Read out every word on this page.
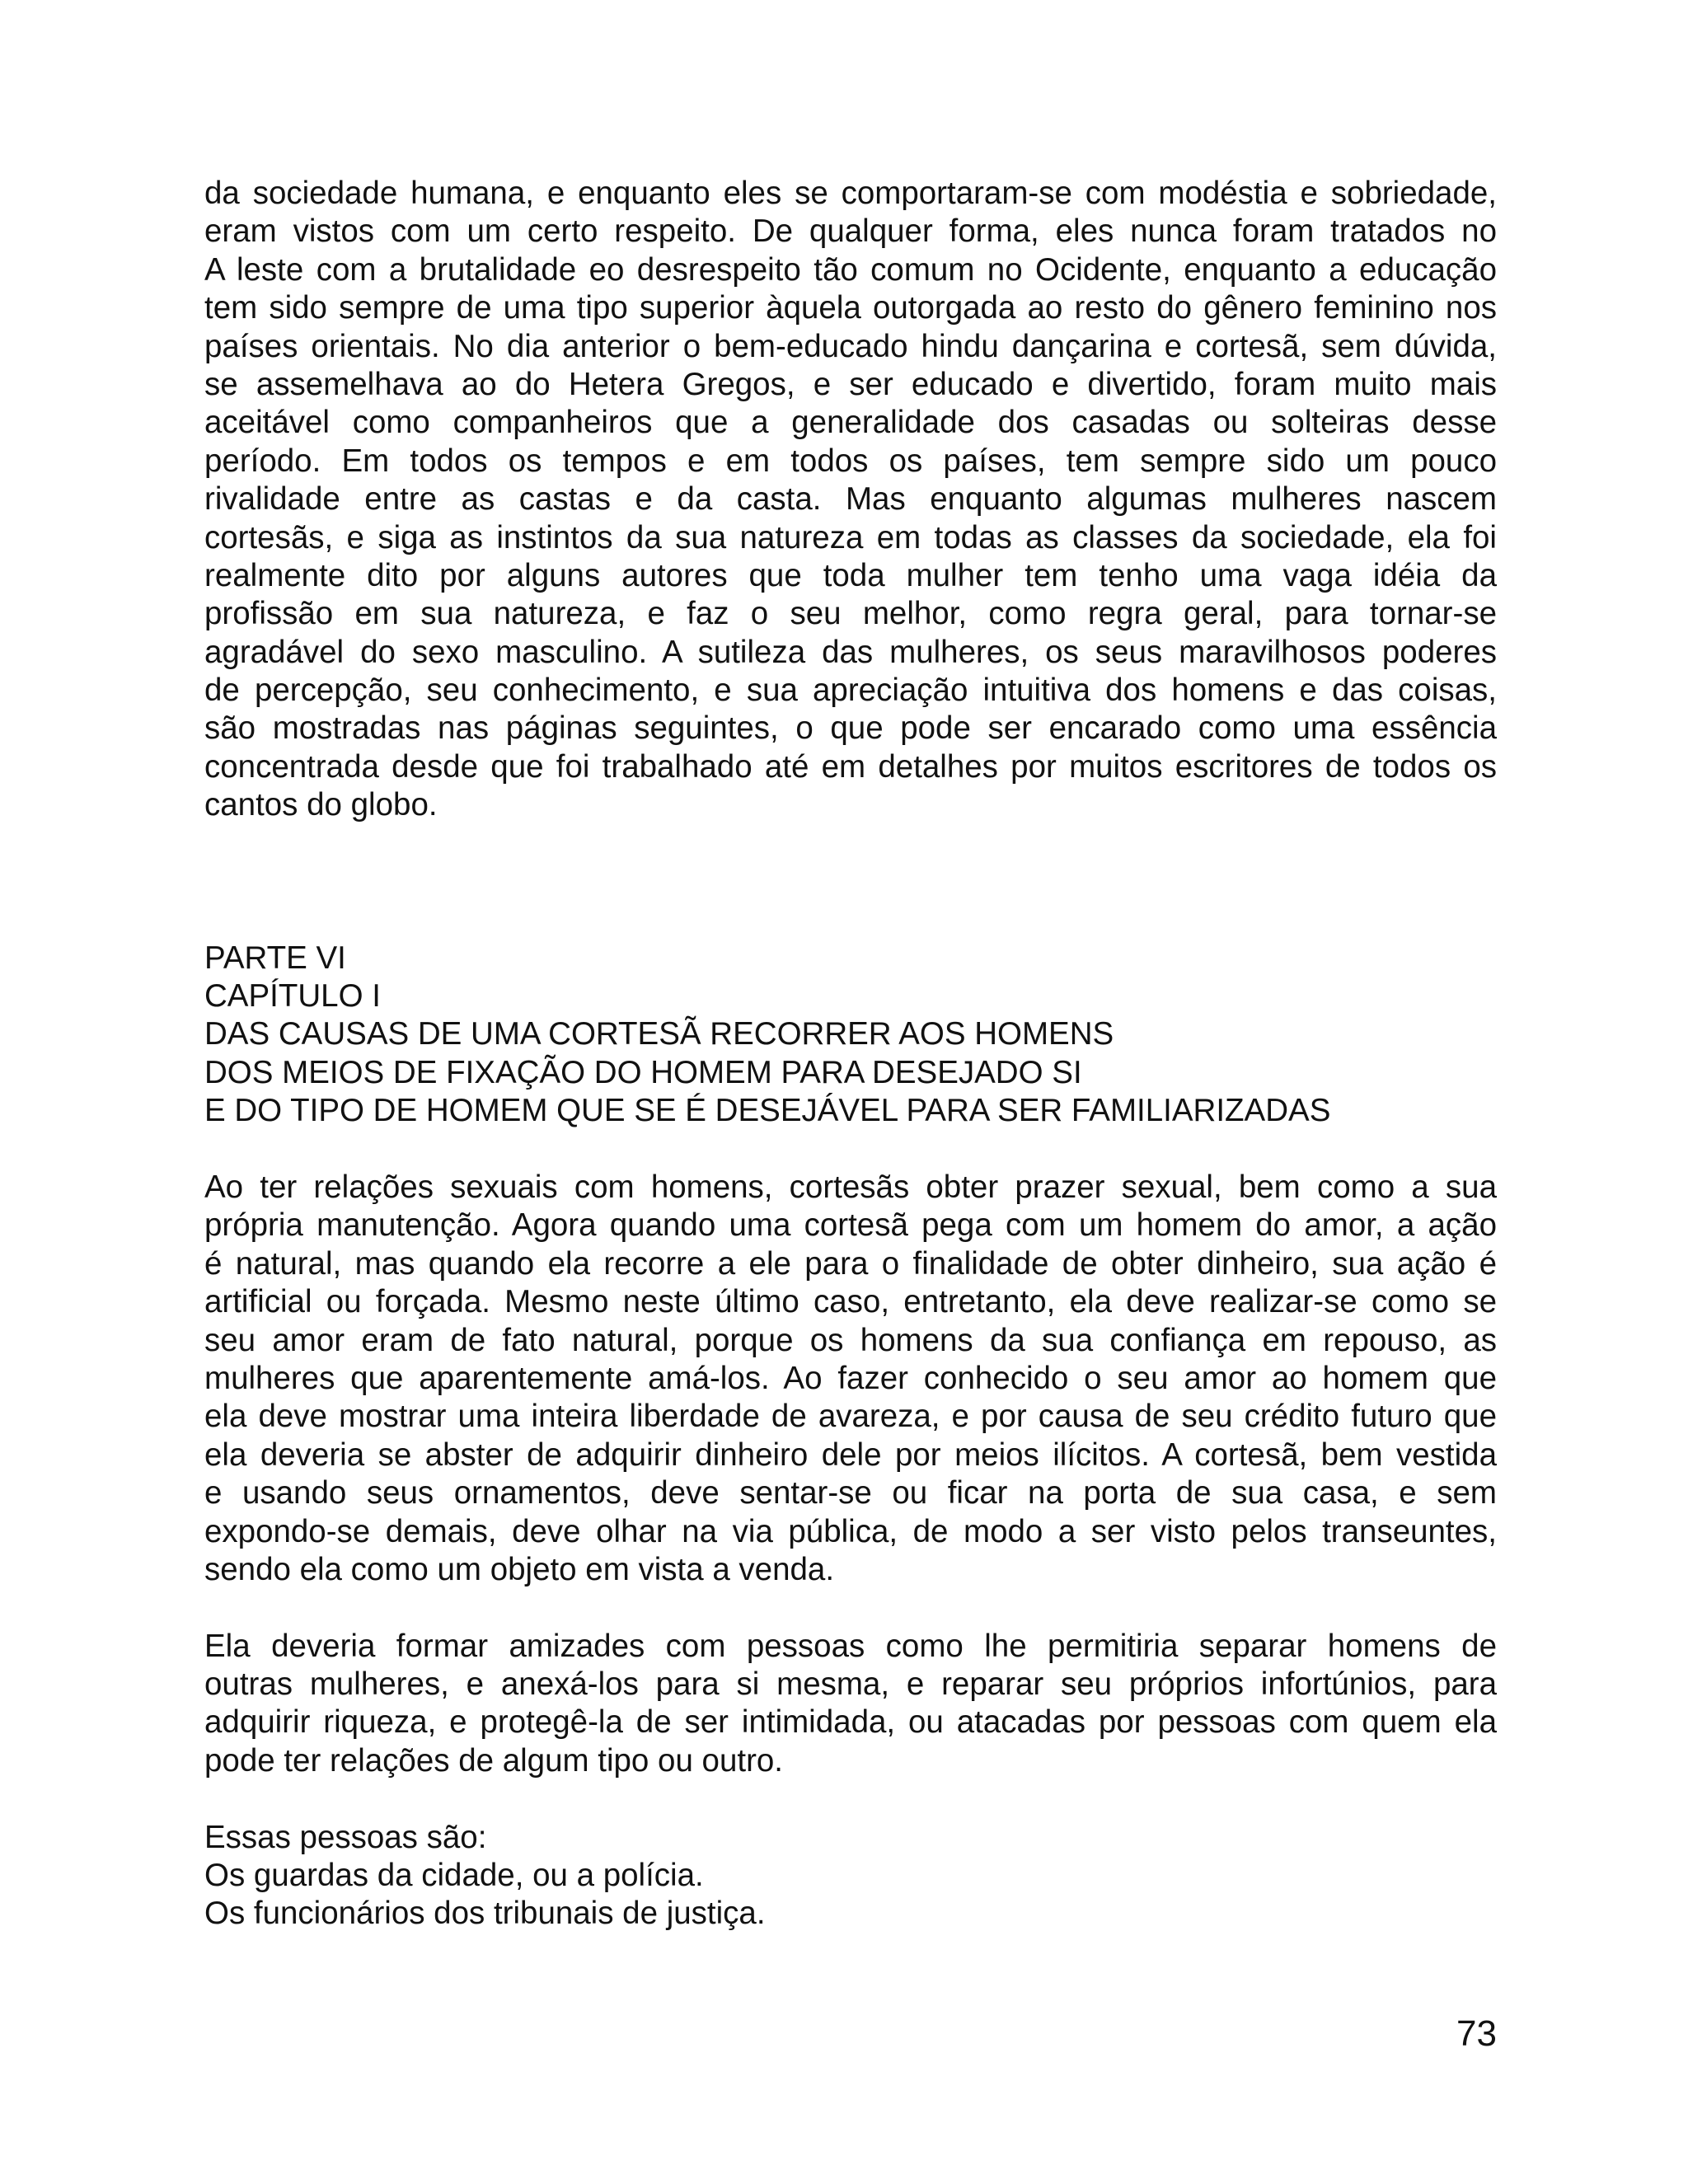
da sociedade humana, e enquanto eles se comportaram-se com modéstia e sobriedade,
eram vistos com um certo respeito. De qualquer forma, eles nunca foram tratados no
A leste com a brutalidade eo desrespeito tão comum no Ocidente, enquanto a educação
tem sido sempre de uma tipo superior àquela outorgada ao resto do gênero feminino nos
países orientais. No dia anterior o bem-educado hindu dançarina e cortesã, sem dúvida,
se assemelhava ao do Hetera Gregos, e ser educado e divertido, foram muito mais
aceitável como companheiros que a generalidade dos casadas ou solteiras desse
período. Em todos os tempos e em todos os países, tem sempre sido um pouco
rivalidade entre as castas e da casta. Mas enquanto algumas mulheres nascem
cortesãs, e siga as instintos da sua natureza em todas as classes da sociedade, ela foi
realmente dito por alguns autores que toda mulher tem tenho uma vaga idéia da
profissão em sua natureza, e faz o seu melhor, como regra geral, para tornar-se
agradável do sexo masculino. A sutileza das mulheres, os seus maravilhosos poderes
de percepção, seu conhecimento, e sua apreciação intuitiva dos homens e das coisas,
são mostradas nas páginas seguintes, o que pode ser encarado como uma essência
concentrada desde que foi trabalhado até em detalhes por muitos escritores de todos os
cantos do globo.
PARTE VI
CAPÍTULO I
DAS CAUSAS DE UMA CORTESÃ RECORRER AOS HOMENS
DOS MEIOS DE FIXAÇÃO DO HOMEM PARA DESEJADO SI
E DO TIPO DE HOMEM QUE SE É DESEJÁVEL PARA SER FAMILIARIZADAS
Ao ter relações sexuais com homens, cortesãs obter prazer sexual, bem como a sua
própria manutenção. Agora quando uma cortesã pega com um homem do amor, a ação
é natural, mas quando ela recorre a ele para o finalidade de obter dinheiro, sua ação é
artificial ou forçada. Mesmo neste último caso, entretanto, ela deve realizar-se como se
seu amor eram de fato natural, porque os homens da sua confiança em repouso, as
mulheres que aparentemente amá-los. Ao fazer conhecido o seu amor ao homem que
ela deve mostrar uma inteira liberdade de avareza, e por causa de seu crédito futuro que
ela deveria se abster de adquirir dinheiro dele por meios ilícitos. A cortesã, bem vestida
e usando seus ornamentos, deve sentar-se ou ficar na porta de sua casa, e sem
expondo-se demais, deve olhar na via pública, de modo a ser visto pelos transeuntes,
sendo ela como um objeto em vista a venda.
Ela deveria formar amizades com pessoas como lhe permitiria separar homens de
outras mulheres, e anexá-los para si mesma, e reparar seu próprios infortúnios, para
adquirir riqueza, e protegê-la de ser intimidada, ou atacadas por pessoas com quem ela
pode ter relações de algum tipo ou outro.
Essas pessoas são:
Os guardas da cidade, ou a polícia.
Os funcionários dos tribunais de justiça.
73
